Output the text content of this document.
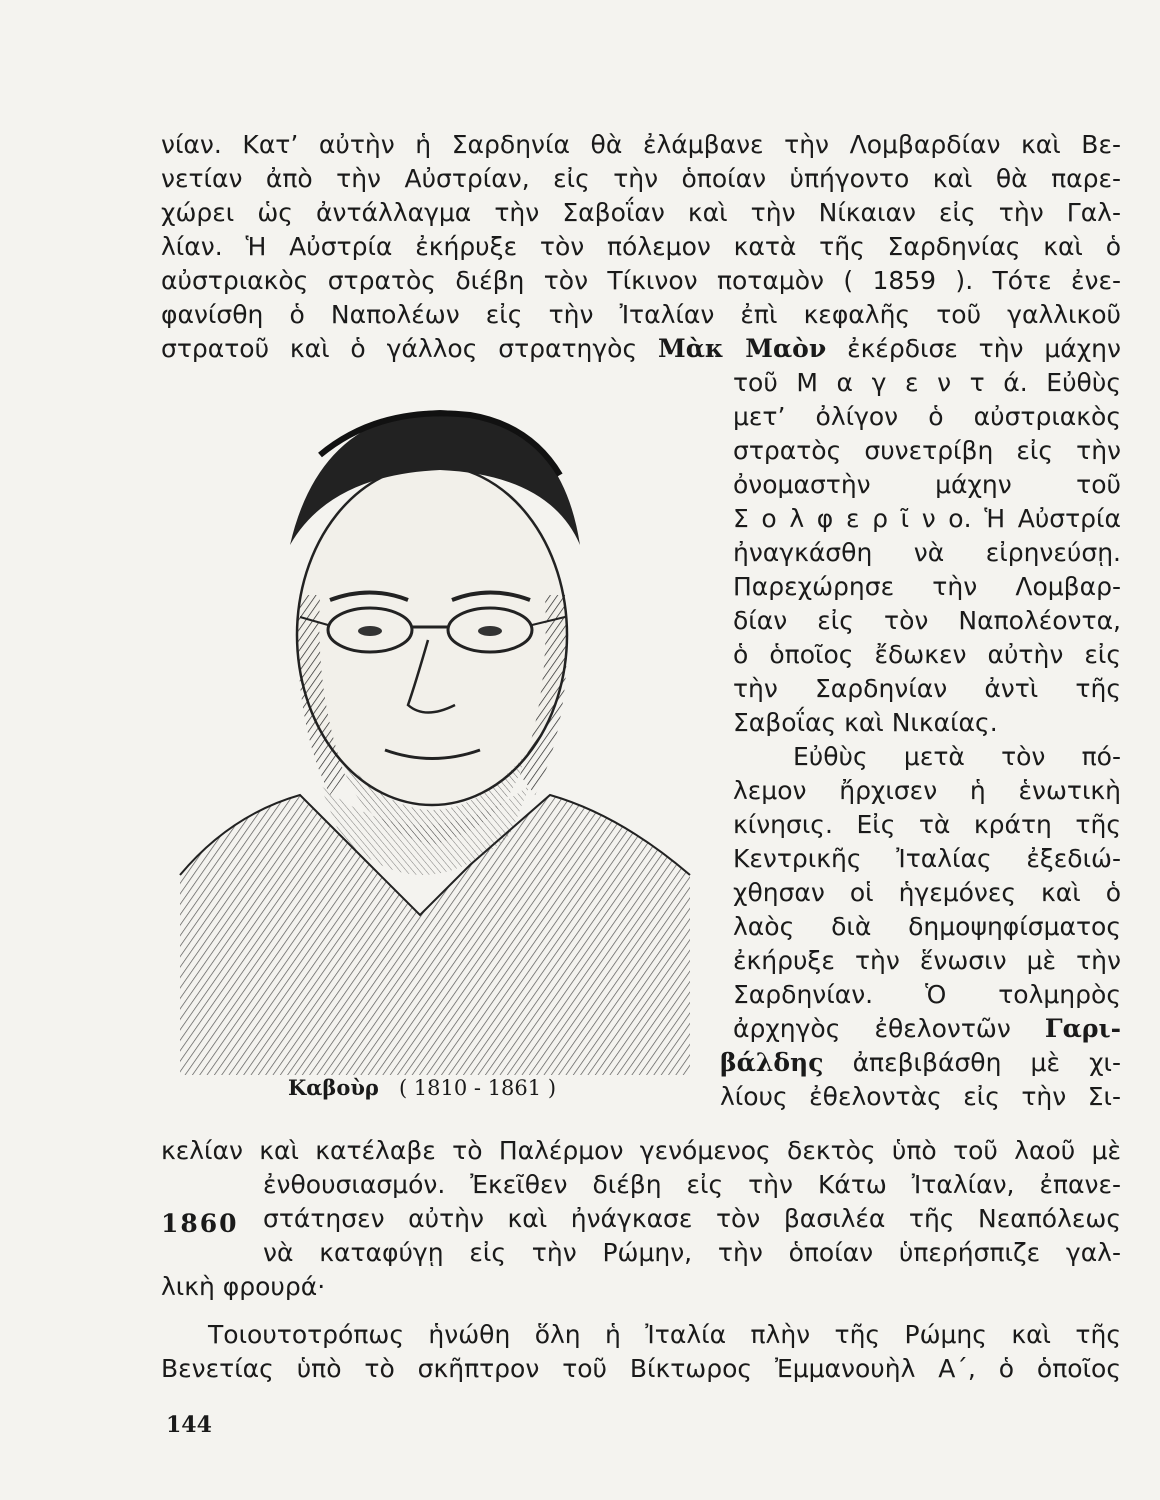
νίαν. Κατ’ αὐτὴν ἡ Σαρδηνία θὰ ἐλάμβανε τὴν Λομβαρδίαν καὶ Βε-
νετίαν ἀπὸ τὴν Αὐστρίαν, εἰς τὴν ὁποίαν ὑπήγοντο καὶ θὰ παρε-
χώρει ὡς ἀντάλλαγμα τὴν Σαβοΐαν καὶ τὴν Νίκαιαν εἰς τὴν Γαλ-
λίαν. Ἡ Αὐστρία ἐκήρυξε τὸν πόλεμον κατὰ τῆς Σαρδηνίας καὶ ὁ
αὐστριακὸς στρατὸς διέβη τὸν Τίκινον ποταμὸν ( 1859 ). Τότε ἐνε-
φανίσθη ὁ Ναπολέων εἰς τὴν Ἰταλίαν ἐπὶ κεφαλῆς τοῦ γαλλικοῦ
στρατοῦ καὶ ὁ γάλλος στρατηγὸς Μὰκ Μαὸν ἐκέρδισε τὴν μάχην
τοῦ Μ α γ ε ν τ ά. Εὐθὺς
μετ’ ὀλίγον ὁ αὐστριακὸς
στρατὸς συνετρίβη εἰς τὴν
ὀνομαστὴν μάχην τοῦ
Σ ο λ φ ε ρ ῖ ν ο. Ἡ Αὐστρία
ἠναγκάσθη νὰ εἰρηνεύσῃ.
Παρεχώρησε τὴν Λομβαρ-
δίαν εἰς τὸν Ναπολέοντα,
ὁ ὁποῖος ἔδωκεν αὐτὴν εἰς
τὴν Σαρδηνίαν ἀντὶ τῆς
Σαβοΐας καὶ Νικαίας.
Εὐθὺς μετὰ τὸν πό-
λεμον ἤρχισεν ἡ ἑνωτικὴ
κίνησις. Εἰς τὰ κράτη τῆς
Κεντρικῆς Ἰταλίας ἐξεδιώ-
χθησαν οἱ ἡγεμόνες καὶ ὁ
λαὸς διὰ δημοψηφίσματος
ἐκήρυξε τὴν ἕνωσιν μὲ τὴν
Σαρδηνίαν. Ὁ τολμηρὸς
ἀρχηγὸς ἐθελοντῶν Γαρι-
βάλδης ἀπεβιβάσθη μὲ χι-
λίους ἐθελοντὰς εἰς τὴν Σι-
κελίαν καὶ κατέλαβε τὸ Παλέρμον γενόμενος δεκτὸς ὑπὸ τοῦ λαοῦ μὲ
ἐνθουσιασμόν. Ἐκεῖθεν διέβη εἰς τὴν Κάτω Ἰταλίαν, ἐπανε-
στάτησεν αὐτὴν καὶ ἠνάγκασε τὸν βασιλέα τῆς Νεαπόλεως
1860
νὰ καταφύγῃ εἰς τὴν Ρώμην, τὴν ὁποίαν ὑπερήσπιζε γαλ-
λικὴ φρουρά·
Τοιουτοτρόπως ἡνώθη ὅλη ἡ Ἰταλία πλὴν τῆς Ρώμης καὶ τῆς
Βενετίας ὑπὸ τὸ σκῆπτρον τοῦ Βίκτωρος Ἐμμανουὴλ Α΄, ὁ ὁποῖος
Καβοὺρ ( 1810 - 1861 )
144
